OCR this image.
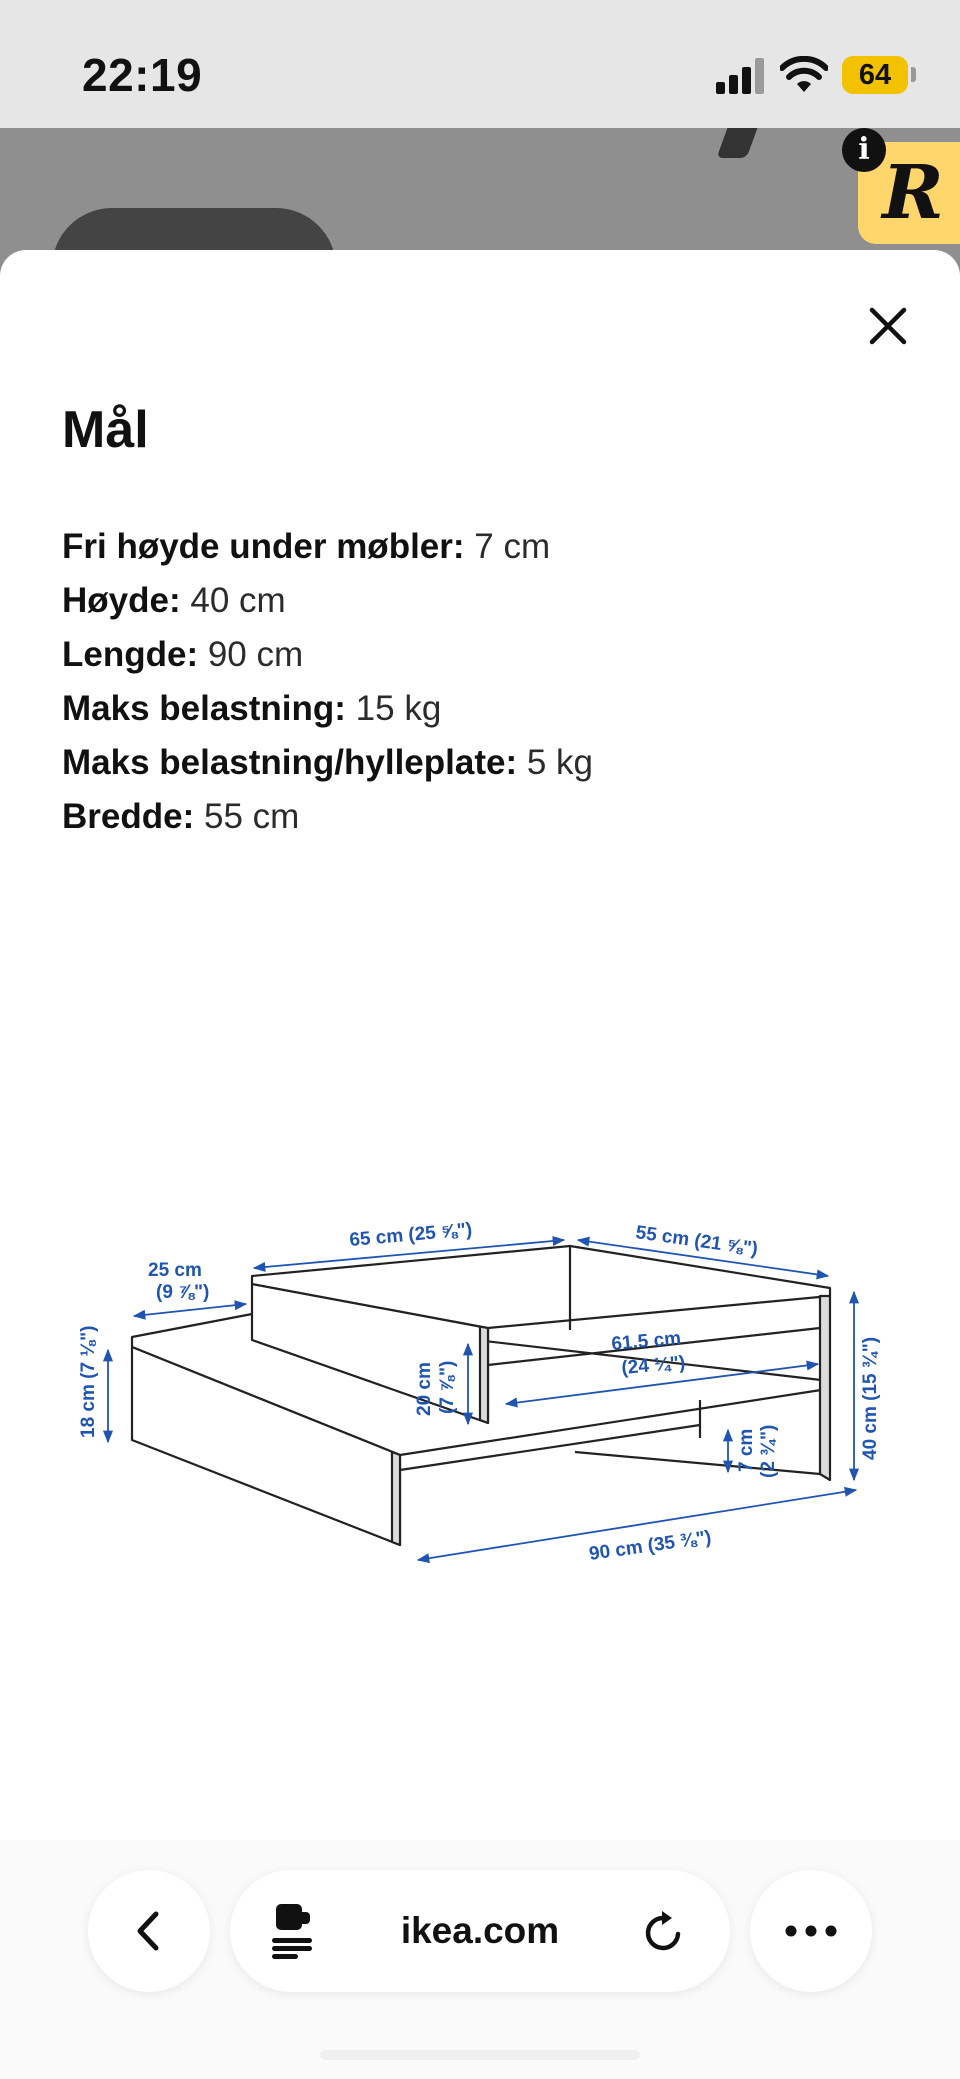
22:19	64
R
i
Mål
Fri høyde under møbler: 7 cm
Høyde: 40 cm
Lengde: 90 cm
Maks belastning: 15 kg
Maks belastning/hylleplate: 5 kg
Bredde: 55 cm
65 cm (25 ⅝")	55 cm (21 ⅝")
25 cm
(9 ⅞")
40 cm (15 ¾")
20 cm (7 ⅞")
61.5 cm
(24 ¼")
18 cm (7 ⅛")
7 cm (2 ¾")
90 cm (35 ⅜")
ikea.com
